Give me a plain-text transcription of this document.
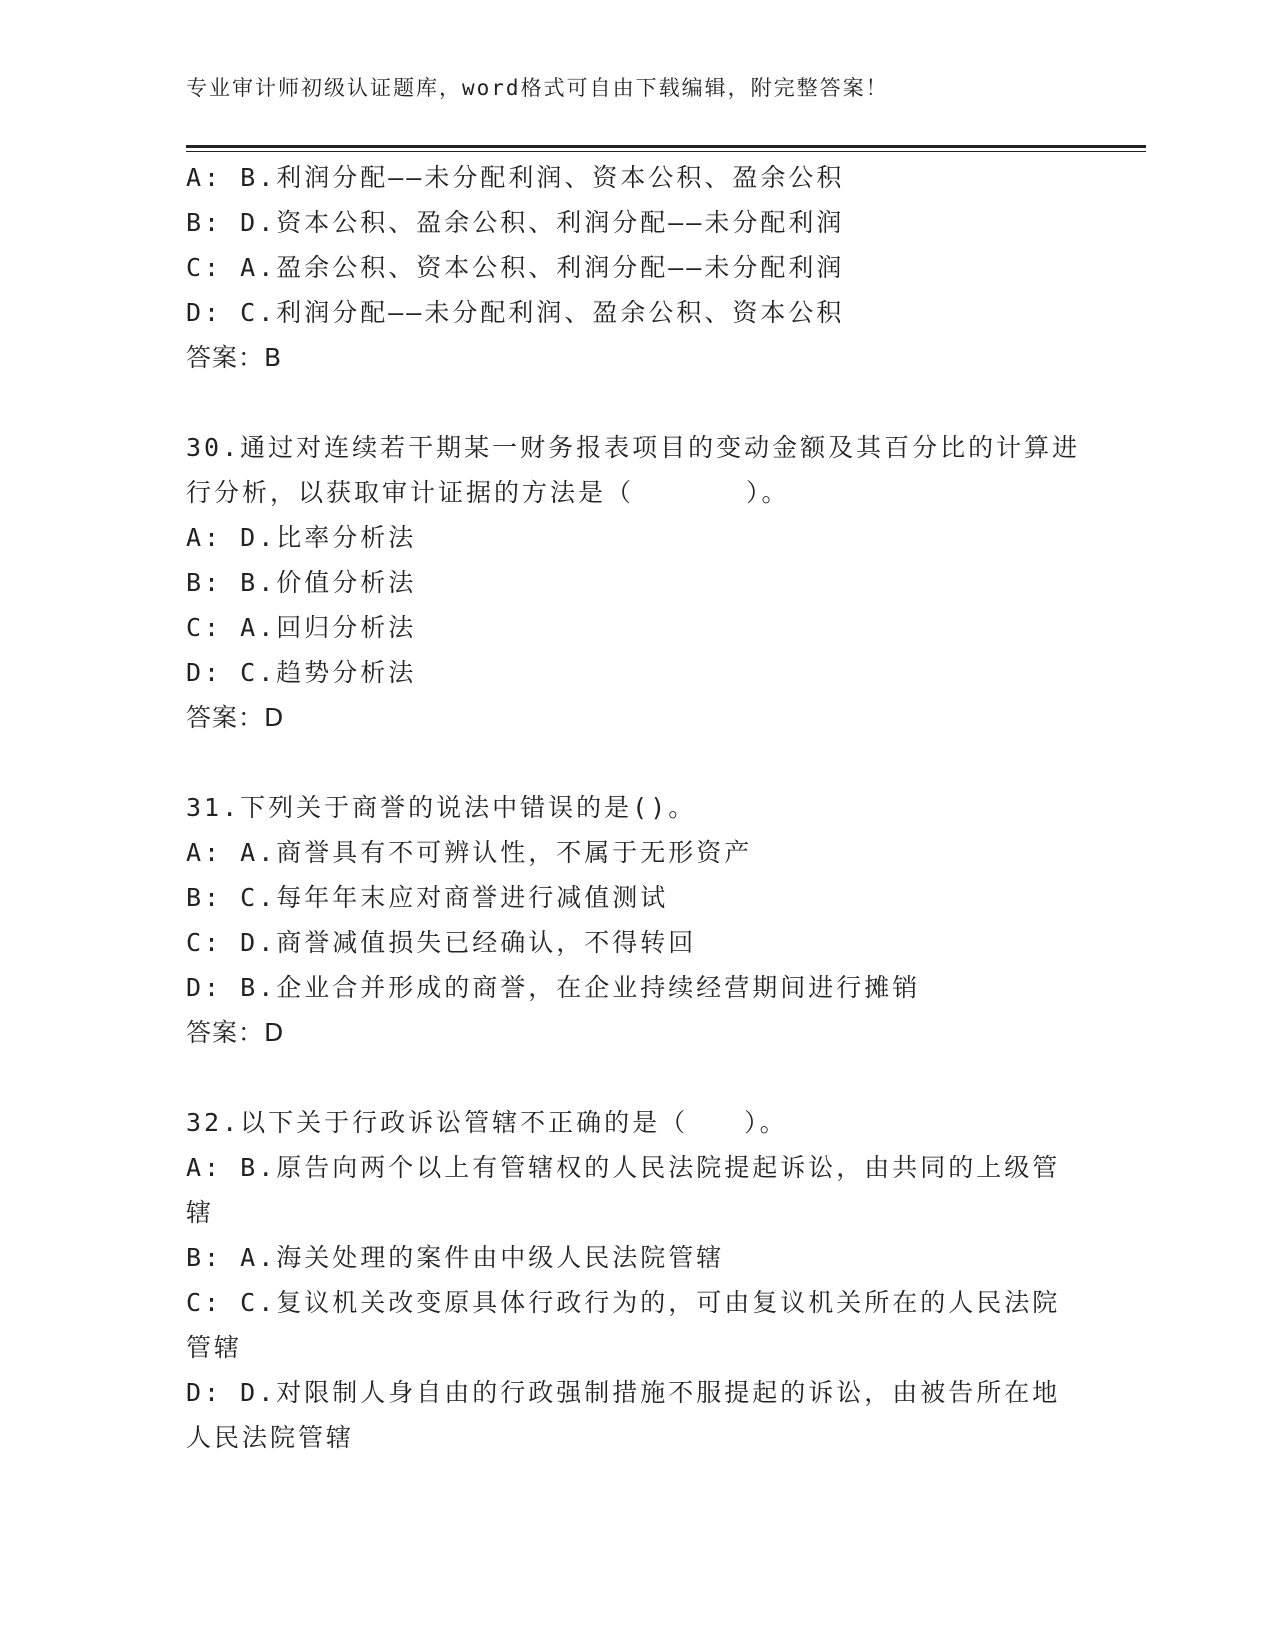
专业审计师初级认证题库，word格式可自由下载编辑，附完整答案！
A: B.利润分配——未分配利润、资本公积、盈余公积
B: D.资本公积、盈余公积、利润分配——未分配利润
C: A.盈余公积、资本公积、利润分配——未分配利润
D: C.利润分配——未分配利润、盈余公积、资本公积
答案：B
30.通过对连续若干期某一财务报表项目的变动金额及其百分比的计算进行分析，以获取审计证据的方法是（　　　　）。
A: D.比率分析法
B: B.价值分析法
C: A.回归分析法
D: C.趋势分析法
答案：D
31.下列关于商誉的说法中错误的是()。
A: A.商誉具有不可辨认性，不属于无形资产
B: C.每年年末应对商誉进行减值测试
C: D.商誉减值损失已经确认，不得转回
D: B.企业合并形成的商誉，在企业持续经营期间进行摊销
答案：D
32.以下关于行政诉讼管辖不正确的是（　　）。
A: B.原告向两个以上有管辖权的人民法院提起诉讼，由共同的上级管辖
B: A.海关处理的案件由中级人民法院管辖
C: C.复议机关改变原具体行政行为的，可由复议机关所在的人民法院管辖
D: D.对限制人身自由的行政强制措施不服提起的诉讼，由被告所在地人民法院管辖
